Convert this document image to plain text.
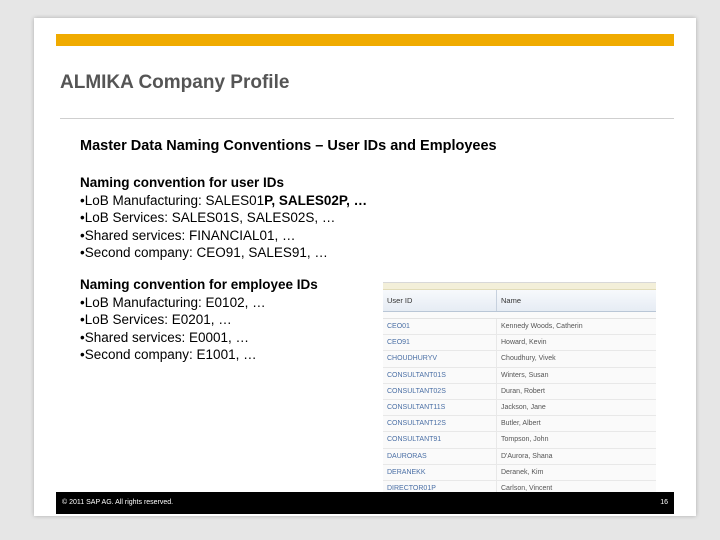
ALMIKA Company Profile
Master Data Naming Conventions – User IDs and Employees
Naming convention for user IDs
•LoB Manufacturing: SALES01P, SALES02P, …
•LoB Services: SALES01S, SALES02S, …
•Shared services: FINANCIAL01, …
•Second company: CEO91, SALES91, …
Naming convention for employee IDs
•LoB Manufacturing: E0102, …
•LoB Services: E0201, …
•Shared services: E0001, …
•Second company: E1001, …
User ID	Name
CEO01	Kennedy Woods, Catherin
CEO91	Howard, Kevin
CHOUDHURYV	Choudhury, Vivek
CONSULTANT01S	Winters, Susan
CONSULTANT02S	Duran, Robert
CONSULTANT11S	Jackson, Jane
CONSULTANT12S	Butler, Albert
CONSULTANT91	Tompson, John
DAURORAS	D'Aurora, Shana
DERANEKK	Deranek, Kim
DIRECTOR01P	Carlson, Vincent
© 2011 SAP AG. All rights reserved.	16
